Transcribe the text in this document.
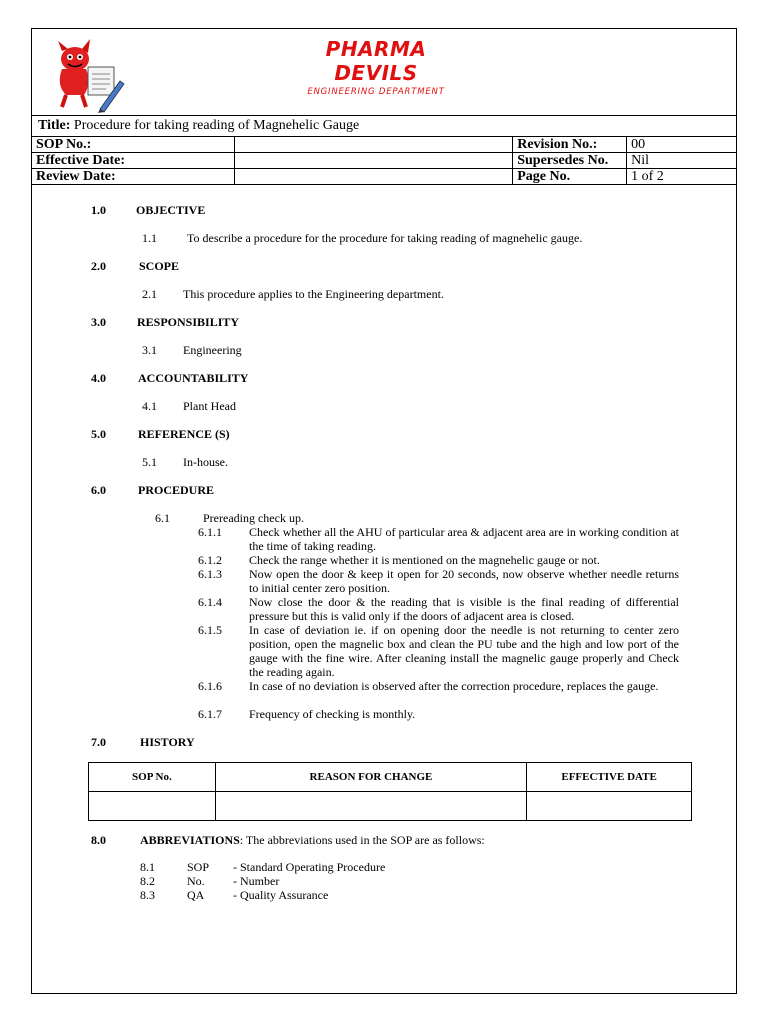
PHARMA DEVILS
ENGINEERING DEPARTMENT
Title: Procedure for taking reading of Magnehelic Gauge
SOP No.:		Revision No.:	00
Effective Date:		Supersedes No.	Nil
Review Date:		Page No.	1 of 2
1.0	OBJECTIVE
1.1	To describe a procedure for the procedure for taking reading of magnehelic gauge.
2.0	SCOPE
2.1 This procedure applies to the Engineering department.
3.0	RESPONSIBILITY
3.1 Engineering
4.0	ACCOUNTABILITY
4.1 Plant Head
5.0	REFERENCE (S)
5.1 In-house.
6.0	PROCEDURE
6.1	Prereading check up.
6.1.1 Check whether all the AHU of particular area & adjacent area are in working condition at the time of taking reading.
6.1.2 Check the range whether it is mentioned on the magnehelic gauge or not.
6.1.3 Now open the door & keep it open for 20 seconds, now observe whether needle returns to initial center zero position.
6.1.4 Now close the door & the reading that is visible is the final reading of differential pressure but this is valid only if the doors of adjacent area is closed.
6.1.5 In case of deviation ie. if on opening door the needle is not returning to center zero position, open the magnelic box and clean the PU tube and the high and low port of the gauge with the fine wire. After cleaning install the magnelic gauge properly and Check the reading again.
6.1.6 In case of no deviation is observed after the correction procedure, replaces the gauge.
6.1.7 Frequency of checking is monthly.
7.0	HISTORY
SOP No.	REASON FOR CHANGE	EFFECTIVE DATE

8.0	ABBREVIATIONS: The abbreviations used in the SOP are as follows:
8.1	SOP - Standard Operating Procedure
8.2	No. - Number
8.3	QA - Quality Assurance
